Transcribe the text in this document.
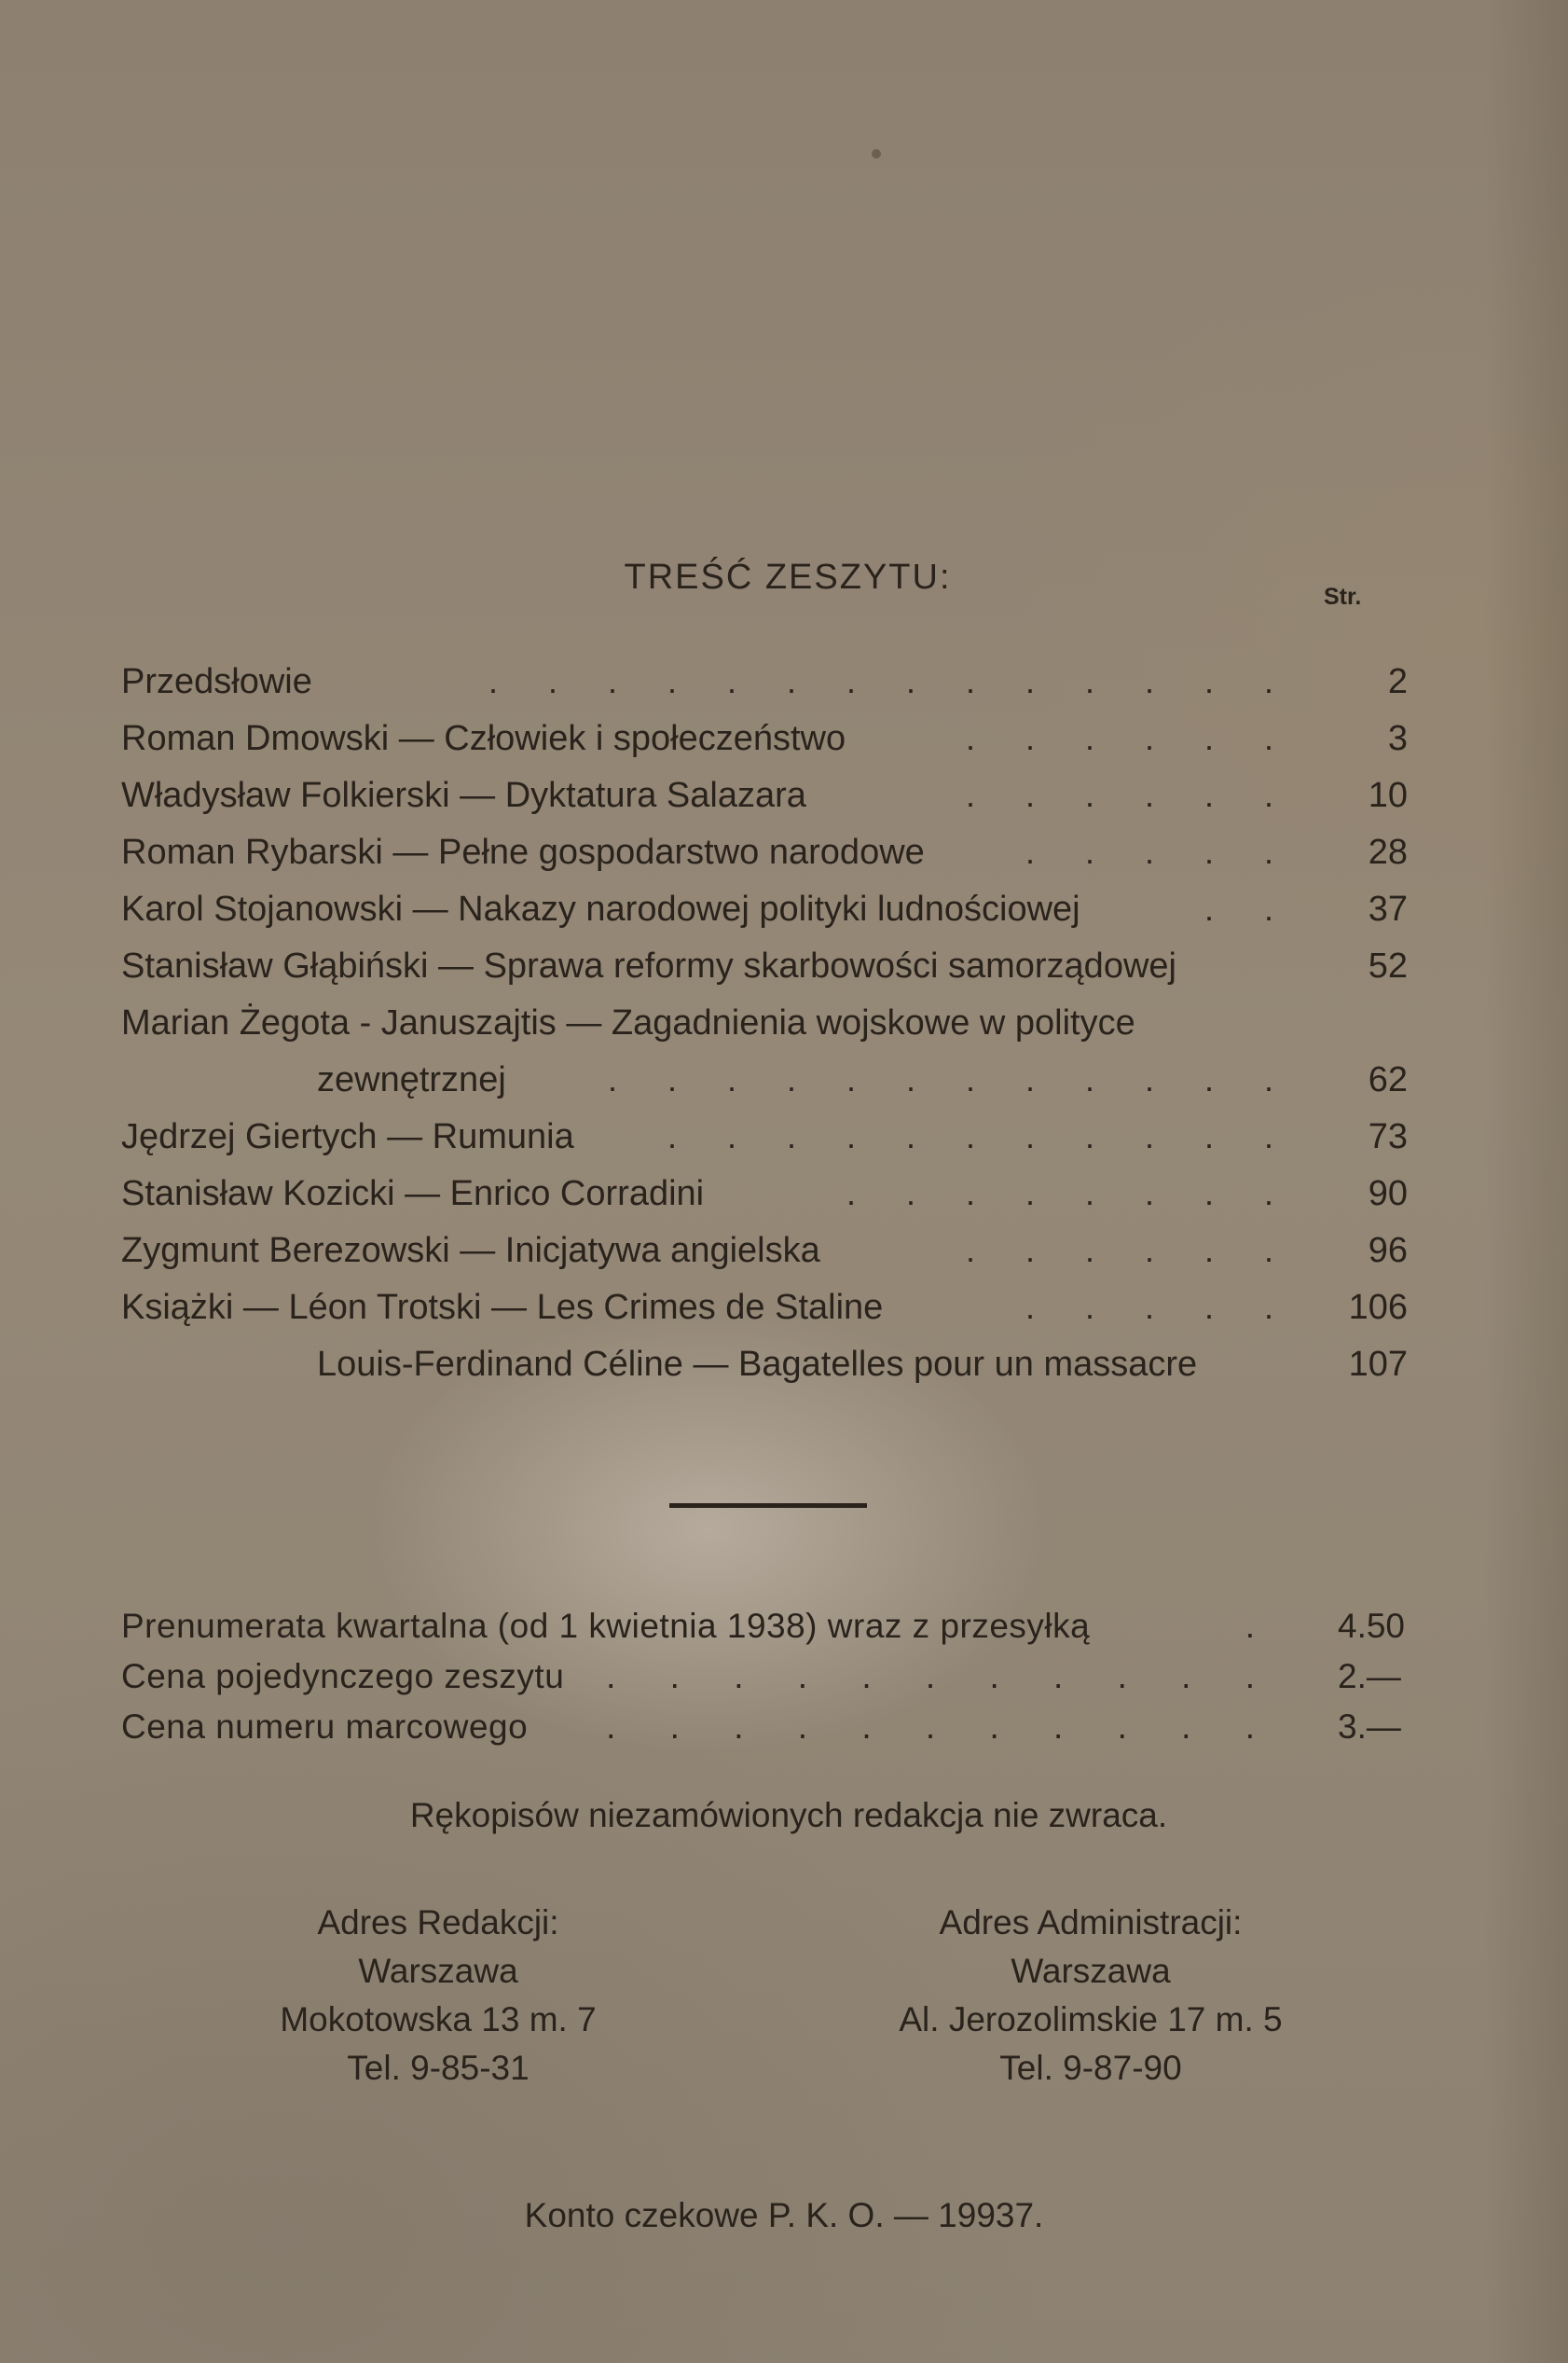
TREŚĆ ZESZYTU:	Str.
Przedsłowie	. . . . . . . . . . . . . .	2
Roman Dmowski — Człowiek i społeczeństwo	. . . . . .	3
Władysław Folkierski — Dyktatura Salazara	. . . . . .	10
Roman Rybarski — Pełne gospodarstwo narodowe	. . . . .	28
Karol Stojanowski — Nakazy narodowej polityki ludnościowej	. .	37
Stanisław Głąbiński — Sprawa reformy skarbowości samorządowej	52
Marian Żegota - Januszajtis — Zagadnienia wojskowe w polityce
zewnętrznej	. . . . . . . . . . . .	62
Jędrzej Giertych — Rumunia	. . . . . . . . . . .	73
Stanisław Kozicki — Enrico Corradini	. . . . . . . .	90
Zygmunt Berezowski — Inicjatywa angielska	. . . . . .	96
Książki — Léon Trotski — Les Crimes de Staline	. . . . .	106
Louis-Ferdinand Céline — Bagatelles pour un massacre	107
Prenumerata kwartalna (od 1 kwietnia 1938) wraz z przesyłką	. 4.50
Cena pojedynczego zeszytu . . . . . . . . . . . 2.—
Cena numeru marcowego . . . . . . . . . . . 3.—
Rękopisów niezamówionych redakcja nie zwraca.
Adres Redakcji:
Warszawa
Mokotowska 13 m. 7
Tel. 9-85-31
Adres Administracji:
Warszawa
Al. Jerozolimskie 17 m. 5
Tel. 9-87-90
Konto czekowe P. K. O. — 19937.
